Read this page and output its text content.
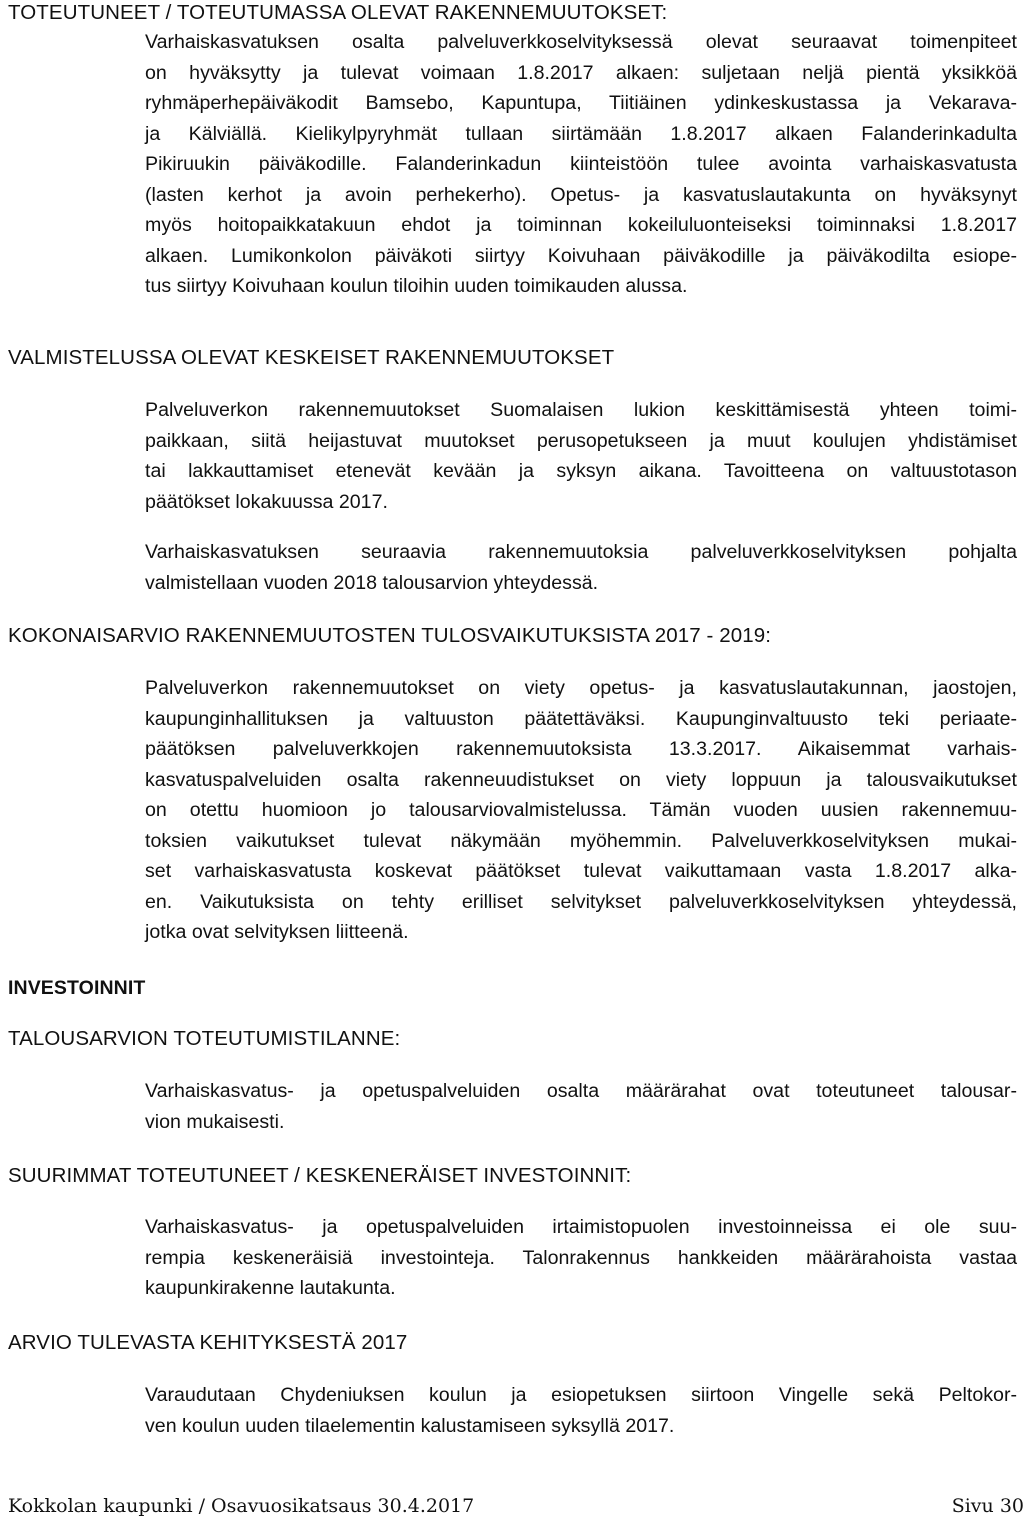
TOTEUTUNEET / TOTEUTUMASSA OLEVAT RAKENNEMUUTOKSET:
Varhaiskasvatuksen osalta palveluverkkoselvityksessä olevat seuraavat toimenpiteet
on hyväksytty ja tulevat voimaan 1.8.2017 alkaen: suljetaan neljä pientä yksikköä
ryhmäperhepäiväkodit Bamsebo, Kapuntupa, Tiitiäinen ydinkeskustassa ja Vekarava-
ja Kälviällä. Kielikylpyryhmät tullaan siirtämään 1.8.2017 alkaen Falanderinkadulta
Pikiruukin päiväkodille. Falanderinkadun kiinteistöön tulee avointa varhaiskasvatusta
(lasten kerhot ja avoin perhekerho). Opetus- ja kasvatuslautakunta on hyväksynyt
myös hoitopaikkatakuun ehdot ja toiminnan kokeiluluonteiseksi toiminnaksi 1.8.2017
alkaen. Lumikonkolon päiväkoti siirtyy Koivuhaan päiväkodille ja päiväkodilta esiope-
tus siirtyy Koivuhaan koulun tiloihin uuden toimikauden alussa.
VALMISTELUSSA OLEVAT KESKEISET RAKENNEMUUTOKSET
Palveluverkon rakennemuutokset Suomalaisen lukion keskittämisestä yhteen toimi-
paikkaan, siitä heijastuvat muutokset perusopetukseen ja muut koulujen yhdistämiset
tai lakkauttamiset etenevät kevään ja syksyn aikana. Tavoitteena on valtuustotason
päätökset lokakuussa 2017.
Varhaiskasvatuksen seuraavia rakennemuutoksia palveluverkkoselvityksen pohjalta
valmistellaan vuoden 2018 talousarvion yhteydessä.
KOKONAISARVIO RAKENNEMUUTOSTEN TULOSVAIKUTUKSISTA 2017 - 2019:
Palveluverkon rakennemuutokset on viety opetus- ja kasvatuslautakunnan, jaostojen,
kaupunginhallituksen ja valtuuston päätettäväksi. Kaupunginvaltuusto teki periaate-
päätöksen palveluverkkojen rakennemuutoksista 13.3.2017. Aikaisemmat varhais-
kasvatuspalveluiden osalta rakenneuudistukset on viety loppuun ja talousvaikutukset
on otettu huomioon jo talousarviovalmistelussa. Tämän vuoden uusien rakennemuu-
toksien vaikutukset tulevat näkymään myöhemmin. Palveluverkkoselvityksen mukai-
set varhaiskasvatusta koskevat päätökset tulevat vaikuttamaan vasta 1.8.2017 alka-
en. Vaikutuksista on tehty erilliset selvitykset palveluverkkoselvityksen yhteydessä,
jotka ovat selvityksen liitteenä.
INVESTOINNIT
TALOUSARVION TOTEUTUMISTILANNE:
Varhaiskasvatus- ja opetuspalveluiden osalta määrärahat ovat toteutuneet talousar-
vion mukaisesti.
SUURIMMAT TOTEUTUNEET / KESKENERÄISET INVESTOINNIT:
Varhaiskasvatus- ja opetuspalveluiden irtaimistopuolen investoinneissa ei ole suu-
rempia keskeneräisiä investointeja. Talonrakennus hankkeiden määrärahoista vastaa
kaupunkirakenne lautakunta.
ARVIO TULEVASTA KEHITYKSESTÄ 2017
Varaudutaan Chydeniuksen koulun ja esiopetuksen siirtoon Vingelle sekä Peltokor-
ven koulun uuden tilaelementin kalustamiseen syksyllä 2017.
Kokkolan kaupunki / Osavuosikatsaus 30.4.2017	Sivu 30
